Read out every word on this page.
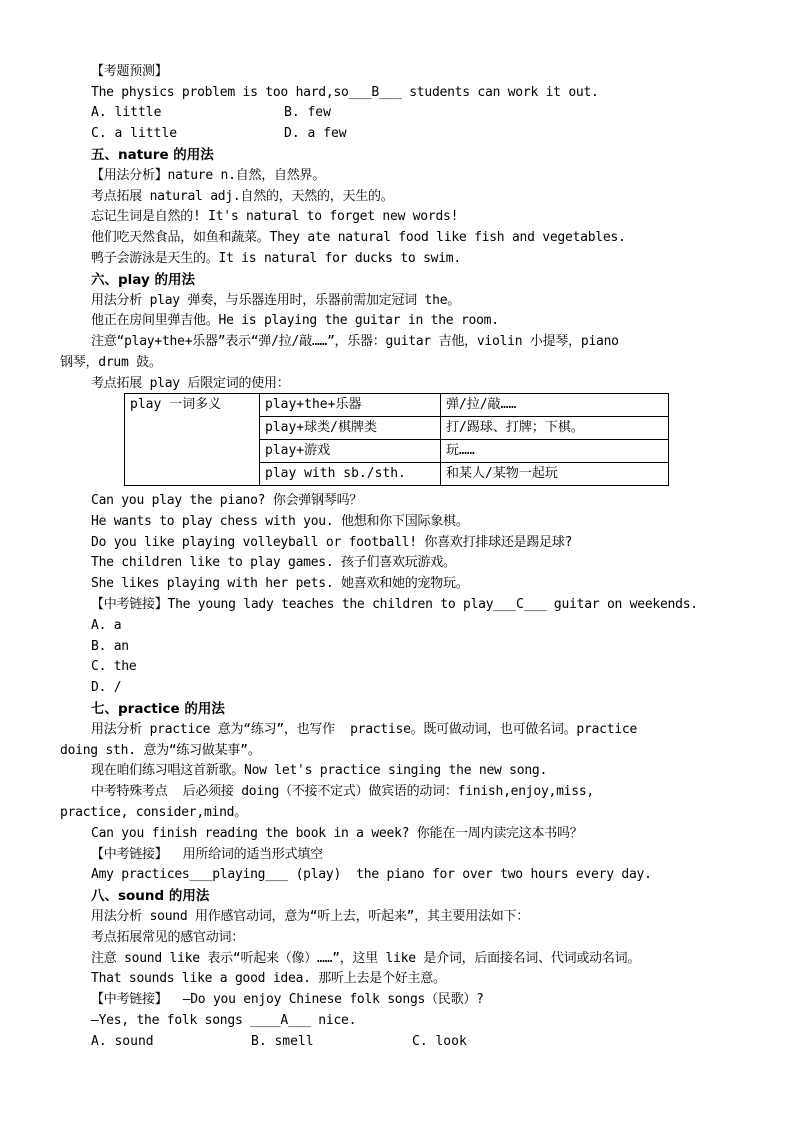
【考题预测】
The physics problem is too hard,so___B___ students can work it out.
A. little	B. few
C. a little	D. a few
五、nature 的用法
【用法分析】nature n.自然，自然界。
考点拓展 natural adj.自然的，天然的，天生的。
忘记生词是自然的! It's natural to forget new words!
他们吃天然食品，如鱼和蔬菜。They ate natural food like fish and vegetables.
鸭子会游泳是天生的。It is natural for ducks to swim.
六、play 的用法
用法分析 play 弹奏，与乐器连用时，乐器前需加定冠词 the。
他正在房间里弹吉他。He is playing the guitar in the room.
注意“play+the+乐器”表示“弹/拉/敲……”，乐器：guitar 吉他，violin 小提琴，piano
钢琴，drum 鼓。
考点拓展 play 后限定词的使用：
play 一词多义	play+the+乐器	弹/拉/敲……
	play+球类/棋牌类	打/踢球、打牌；下棋。
	play+游戏	玩……
	play with sb./sth.	和某人/某物一起玩
Can you play the piano? 你会弹钢琴吗？
He wants to play chess with you. 他想和你下国际象棋。
Do you like playing volleyball or football! 你喜欢打排球还是踢足球?
The children like to play games. 孩子们喜欢玩游戏。
She likes playing with her pets. 她喜欢和她的宠物玩。
【中考链接】The young lady teaches the children to play___C___ guitar on weekends.
A. a
B. an
C. the
D. /
七、practice 的用法
用法分析 practice 意为“练习”，也写作  practise。既可做动词，也可做名词。practice
doing sth. 意为“练习做某事”。
现在咱们练习唱这首新歌。Now let's practice singing the new song.
中考特殊考点  后必须接 doing（不接不定式）做宾语的动词：finish,enjoy,miss,
practice, consider,mind。
Can you finish reading the book in a week? 你能在一周内读完这本书吗？
【中考链接】  用所给词的适当形式填空
Amy practices___playing___ (play)  the piano for over two hours every day.
八、sound 的用法
用法分析 sound 用作感官动词，意为“听上去，听起来”，其主要用法如下：
考点拓展常见的感官动词：
注意 sound like 表示“听起来（像）……”，这里 like 是介词，后面接名词、代词或动名词。
That sounds like a good idea. 那听上去是个好主意。
【中考链接】  —Do you enjoy Chinese folk songs（民歌）?
—Yes, the folk songs ____A___ nice.
A. sound	B. smell	C. look
